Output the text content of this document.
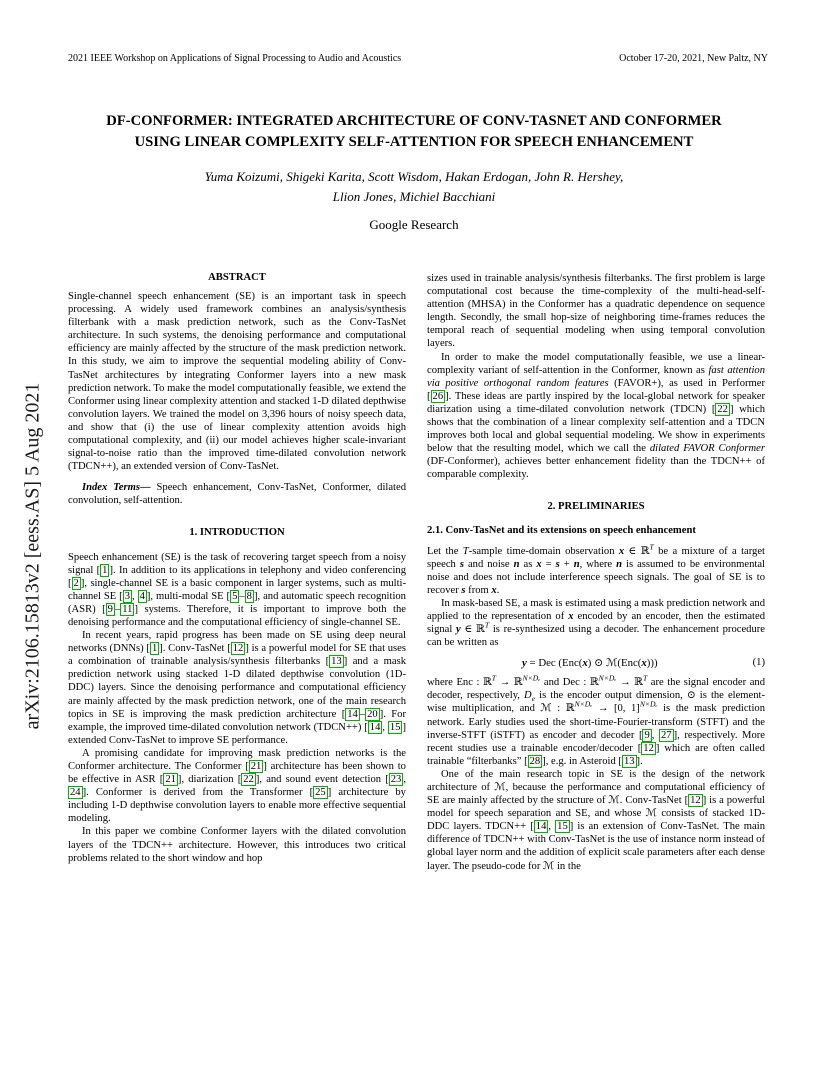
2021 IEEE Workshop on Applications of Signal Processing to Audio and Acoustics	October 17-20, 2021, New Paltz, NY
DF-CONFORMER: INTEGRATED ARCHITECTURE OF CONV-TASNET AND CONFORMER
USING LINEAR COMPLEXITY SELF-ATTENTION FOR SPEECH ENHANCEMENT
Yuma Koizumi, Shigeki Karita, Scott Wisdom, Hakan Erdogan, John R. Hershey,
Llion Jones, Michiel Bacchiani
Google Research
arXiv:2106.15813v2 [eess.AS] 5 Aug 2021
ABSTRACT

Single-channel speech enhancement (SE) is an important task in speech processing. A widely used framework combines an analysis/synthesis filterbank with a mask prediction network, such as the Conv-TasNet architecture. In such systems, the denoising performance and computational efficiency are mainly affected by the structure of the mask prediction network. In this study, we aim to improve the sequential modeling ability of Conv-TasNet architectures by integrating Conformer layers into a new mask prediction network. To make the model computationally feasible, we extend the Conformer using linear complexity attention and stacked 1-D dilated depthwise convolution layers. We trained the model on 3,396 hours of noisy speech data, and show that (i) the use of linear complexity attention avoids high computational complexity, and (ii) our model achieves higher scale-invariant signal-to-noise ratio than the improved time-dilated convolution network (TDCN++), an extended version of Conv-TasNet.

Index Terms— Speech enhancement, Conv-TasNet, Conformer, dilated convolution, self-attention.

1. INTRODUCTION

Speech enhancement (SE) is the task of recovering target speech from a noisy signal [ 1 ]. In addition to its applications in telephony and video conferencing [ 2 ], single-channel SE is a basic component in larger systems, such as multi-channel SE [ 3 , 4 ], multi-modal SE [ 5 – 8 ], and automatic speech recognition (ASR) [ 9 – 11 ] systems. Therefore, it is important to improve both the denoising performance and the computational efficiency of single-channel SE.

In recent years, rapid progress has been made on SE using deep neural networks (DNNs) [ 1 ]. Conv-TasNet [ 12 ] is a powerful model for SE that uses a combination of trainable analysis/synthesis filterbanks [ 13 ] and a mask prediction network using stacked 1-D dilated depthwise convolution (1D-DDC) layers. Since the denoising performance and computational efficiency are mainly affected by the mask prediction network, one of the main research topics in SE is improving the mask prediction architecture [ 14 – 20 ]. For example, the improved time-dilated convolution network (TDCN++) [ 14 , 15 ] extended Conv-TasNet to improve SE performance.

A promising candidate for improving mask prediction networks is the Conformer architecture. The Conformer [ 21 ] architecture has been shown to be effective in ASR [ 21 ], diarization [ 22 ], and sound event detection [ 23 , 24 ]. Conformer is derived from the Transformer [ 25 ] architecture by including 1-D depthwise convolution layers to enable more effective sequential modeling.

In this paper we combine Conformer layers with the dilated convolution layers of the TDCN++ architecture. However, this introduces two critical problems related to the short window and hop

sizes used in trainable analysis/synthesis filterbanks. The first problem is large computational cost because the time-complexity of the multi-head-self-attention (MHSA) in the Conformer has a quadratic dependence on sequence length. Secondly, the small hop-size of neighboring time-frames reduces the temporal reach of sequential modeling when using temporal convolution layers.

In order to make the model computationally feasible, we use a linear-complexity variant of self-attention in the Conformer, known as fast attention via positive orthogonal random features (FAVOR+), as used in Performer [ 26 ]. These ideas are partly inspired by the local-global network for speaker diarization using a time-dilated convolution network (TDCN) [ 22 ] which shows that the combination of a linear complexity self-attention and a TDCN improves both local and global sequential modeling. We show in experiments below that the resulting model, which we call the dilated FAVOR Conformer (DF-Conformer), achieves better enhancement fidelity than the TDCN++ of comparable complexity.

2. PRELIMINARIES
2.1. Conv-TasNet and its extensions on speech enhancement

Let the T-sample time-domain observation x ∈ ℝ$^T$ be a mixture of a target speech s and noise n as x = s + n, where n is assumed to be environmental noise and does not include interference speech signals. The goal of SE is to recover s from x.

In mask-based SE, a mask is estimated using a mask prediction network and applied to the representation of x encoded by an encoder, then the estimated signal y ∈ ℝ$^T$ is re-synthesized using a decoder. The enhancement procedure can be written as

y = Dec (Enc(x) ⊙ ℳ(Enc(x)))	(1)

where Enc : ℝ$^T$ → ℝ$^{N\times D_e}$ and Dec : ℝ$^{N\times D_e}$ → ℝ$^T$ are the signal encoder and decoder, respectively, $D_e$ is the encoder output dimension, ⊙ is the element-wise multiplication, and ℳ : ℝ$^{N\times D_e}$ → [0, 1]$^{N\times D_e}$ is the mask prediction network. Early studies used the short-time-Fourier-transform (STFT) and the inverse-STFT (iSTFT) as encoder and decoder [ 9 , 27 ], respectively. More recent studies use a trainable encoder/decoder [ 12 ] which are often called trainable “filterbanks” [ 28 ], e.g. in Asteroid [ 13 ].

One of the main research topic in SE is the design of the network architecture of ℳ, because the performance and computational efficiency of SE are mainly affected by the structure of ℳ. Conv-TasNet [ 12 ] is a powerful model for speech separation and SE, and whose ℳ consists of stacked 1D-DDC layers. TDCN++ [ 14 , 15 ] is an extension of Conv-TasNet. The main difference of TDCN++ with Conv-TasNet is the use of instance norm instead of global layer norm and the addition of explicit scale parameters after each dense layer. The pseudo-code for ℳ in the
